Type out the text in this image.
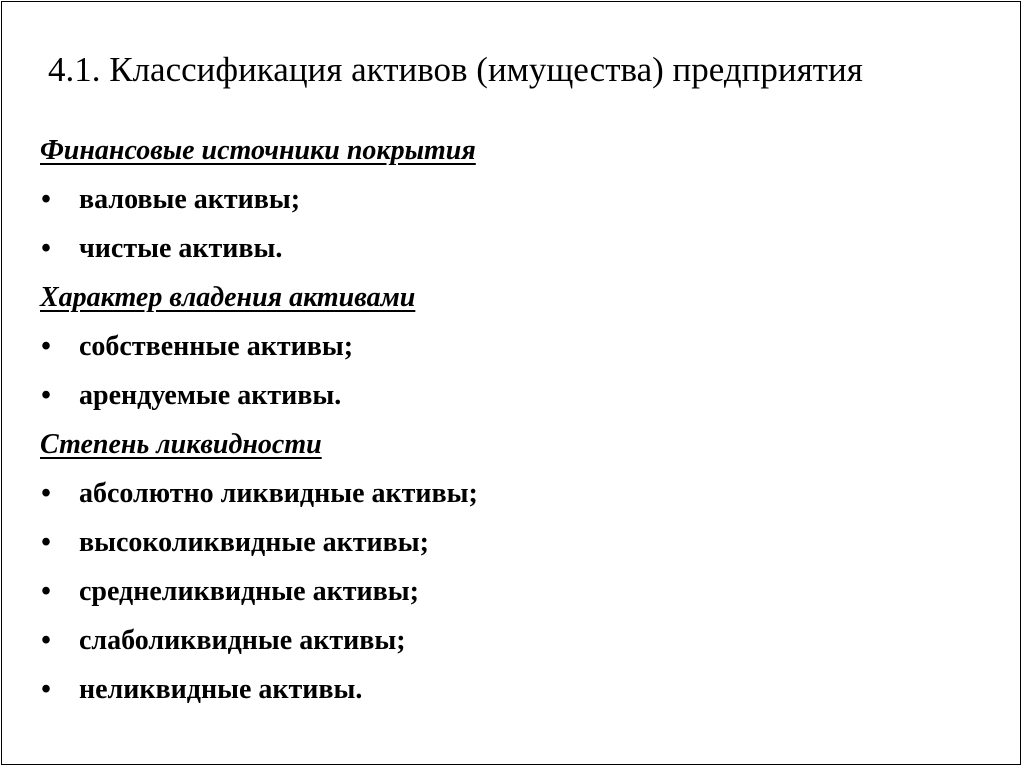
4.1. Классификация активов (имущества) предприятия
Финансовые источники покрытия
• валовые активы;
• чистые активы.
Характер владения активами
• собственные активы;
• арендуемые активы.
Степень ликвидности
• абсолютно ликвидные активы;
• высоколиквидные активы;
• среднеликвидные активы;
• слаболиквидные активы;
• неликвидные активы.
